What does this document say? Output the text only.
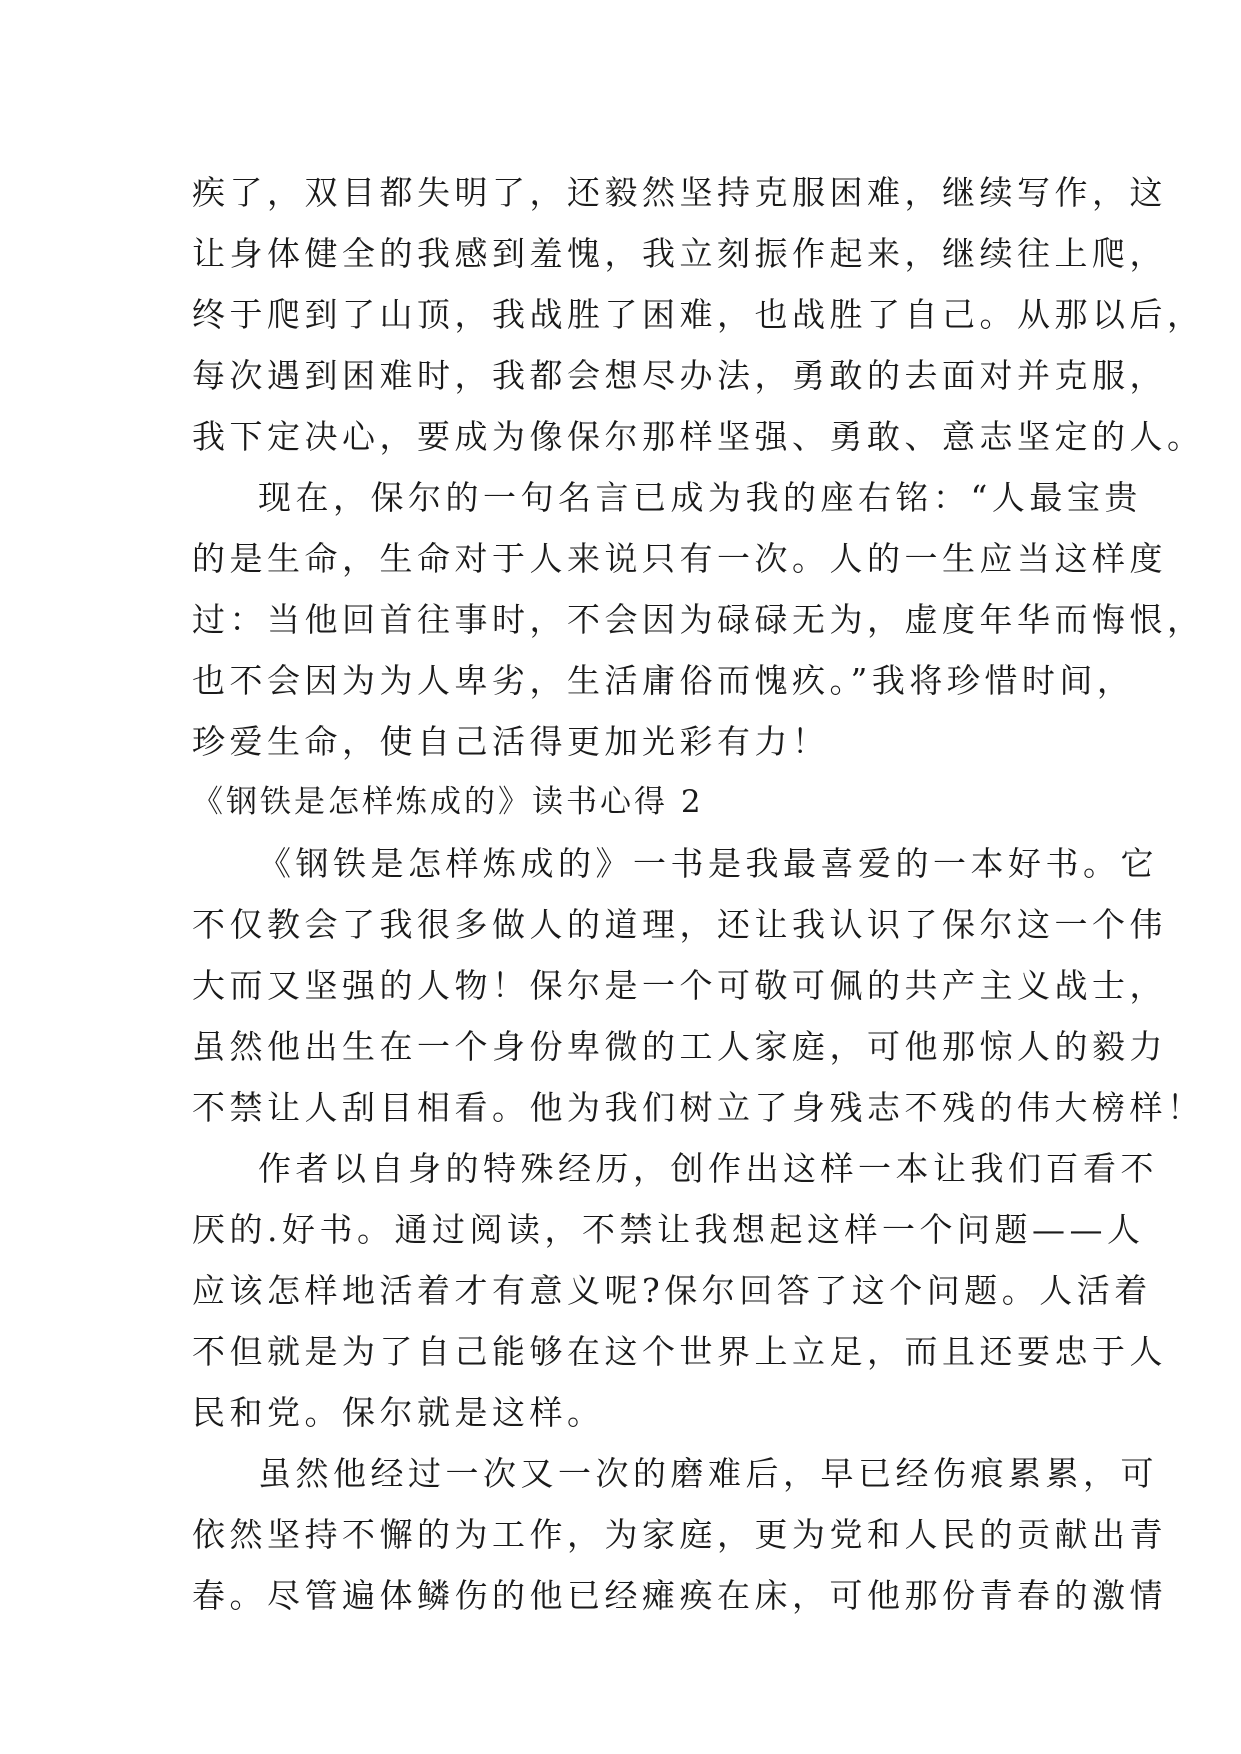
疾了，双目都失明了，还毅然坚持克服困难，继续写作，这
让身体健全的我感到羞愧，我立刻振作起来，继续往上爬，
终于爬到了山顶，我战胜了困难，也战胜了自己。从那以后，
每次遇到困难时，我都会想尽办法，勇敢的去面对并克服，
我下定决心，要成为像保尔那样坚强、勇敢、意志坚定的人。
现在，保尔的一句名言已成为我的座右铭：“人最宝贵
的是生命，生命对于人来说只有一次。人的一生应当这样度
过：当他回首往事时，不会因为碌碌无为，虚度年华而悔恨，
也不会因为为人卑劣，生活庸俗而愧疚。”我将珍惜时间，
珍爱生命，使自己活得更加光彩有力！
《钢铁是怎样炼成的》读书心得 2
《钢铁是怎样炼成的》一书是我最喜爱的一本好书。它
不仅教会了我很多做人的道理，还让我认识了保尔这一个伟
大而又坚强的人物！保尔是一个可敬可佩的共产主义战士，
虽然他出生在一个身份卑微的工人家庭，可他那惊人的毅力
不禁让人刮目相看。他为我们树立了身残志不残的伟大榜样！
作者以自身的特殊经历，创作出这样一本让我们百看不
厌的.好书。通过阅读，不禁让我想起这样一个问题——人
应该怎样地活着才有意义呢?保尔回答了这个问题。人活着
不但就是为了自己能够在这个世界上立足，而且还要忠于人
民和党。保尔就是这样。
虽然他经过一次又一次的磨难后，早已经伤痕累累，可
依然坚持不懈的为工作，为家庭，更为党和人民的贡献出青
春。尽管遍体鳞伤的他已经瘫痪在床，可他那份青春的激情
